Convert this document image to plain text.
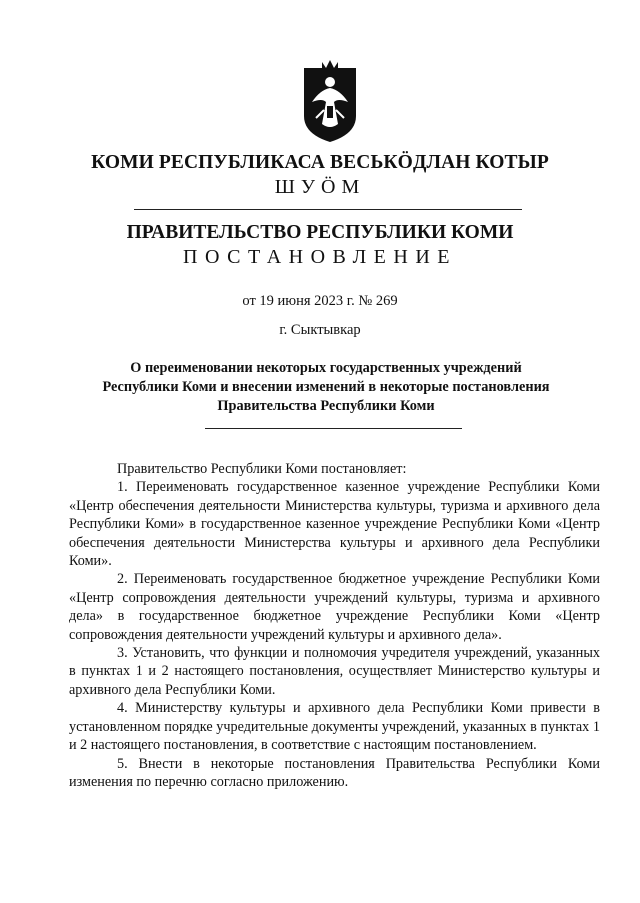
КОМИ РЕСПУБЛИКАСА ВЕСЬКÖДЛАН КОТЫР
ШУÖМ
ПРАВИТЕЛЬСТВО РЕСПУБЛИКИ КОМИ
ПОСТАНОВЛЕНИЕ
от 19 июня 2023 г. № 269
г. Сыктывкар
О переименовании некоторых государственных учреждений Республики Коми и внесении изменений в некоторые постановления Правительства Республики Коми

Правительство Республики Коми постановляет:

1. Переименовать государственное казенное учреждение Республики Коми «Центр обеспечения деятельности Министерства культуры, туризма и архивного дела Республики Коми» в государственное казенное учреждение Республики Коми «Центр обеспечения деятельности Министерства культуры и архивного дела Республики Коми».

2. Переименовать государственное бюджетное учреждение Республики Коми «Центр сопровождения деятельности учреждений культуры, туризма и архивного дела» в государственное бюджетное учреждение Республики Коми «Центр сопровождения деятельности учреждений культуры и архивного дела».

3. Установить, что функции и полномочия учредителя учреждений, указанных в пунктах 1 и 2 настоящего постановления, осуществляет Министерство культуры и архивного дела Республики Коми.

4. Министерству культуры и архивного дела Республики Коми привести в установленном порядке учредительные документы учреждений, указанных в пунктах 1 и 2 настоящего постановления, в соответствие с настоящим постановлением.

5. Внести в некоторые постановления Правительства Республики Коми изменения по перечню согласно приложению.
